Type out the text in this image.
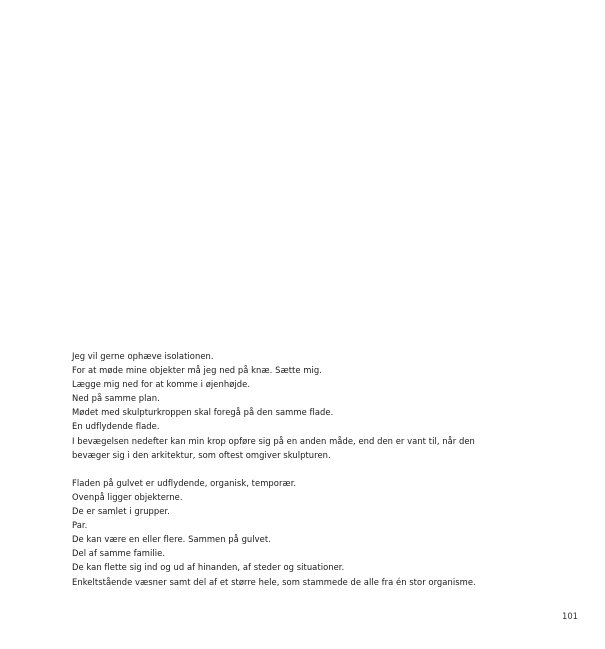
Jeg vil gerne ophæve isolationen.
For at møde mine objekter må jeg ned på knæ. Sætte mig.
Lægge mig ned for at komme i øjenhøjde.
Ned på samme plan.
Mødet med skulpturkroppen skal foregå på den samme flade.
En udflydende flade.
I bevægelsen nedefter kan min krop opføre sig på en anden måde, end den er vant til, når den
bevæger sig i den arkitektur, som oftest omgiver skulpturen.
Fladen på gulvet er udflydende, organisk, temporær.
Ovenpå ligger objekterne.
De er samlet i grupper.
Par.
De kan være en eller flere. Sammen på gulvet.
Del af samme familie.
De kan flette sig ind og ud af hinanden, af steder og situationer.
Enkeltstående væsner samt del af et større hele, som stammede de alle fra én stor organisme.
101
